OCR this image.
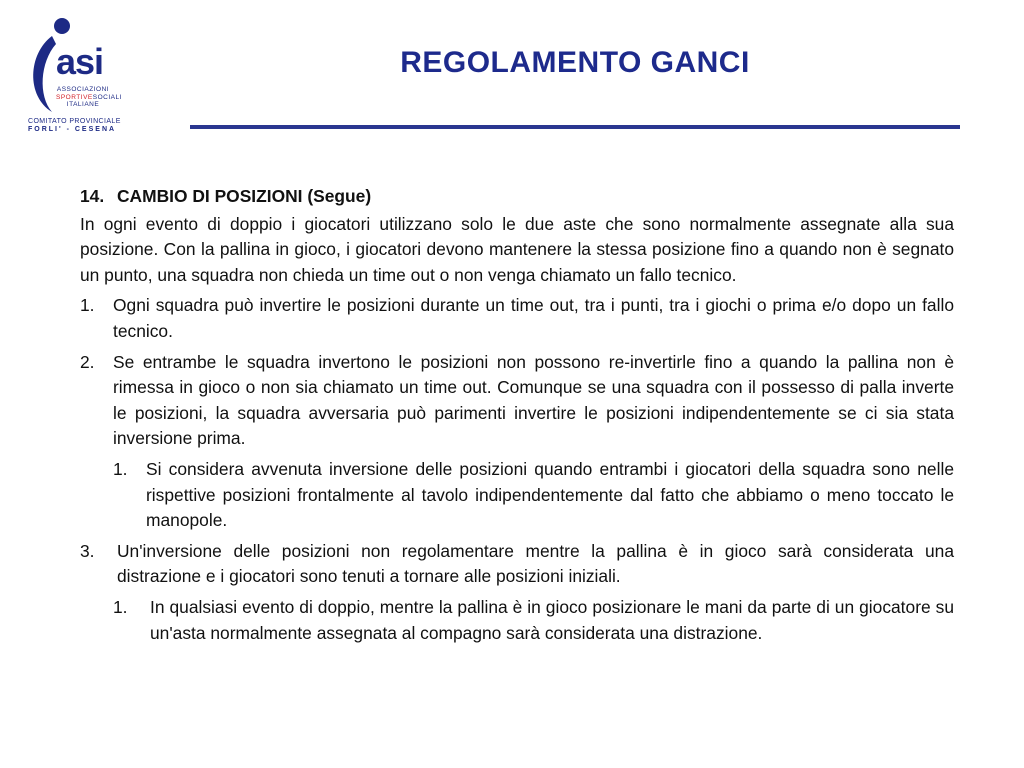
asi
ASSOCIAZIONI
SPORTIVESOCIALI
ITALIANE
COMITATO PROVINCIALE
FORLI' - CESENA
REGOLAMENTO GANCI
14. CAMBIO DI POSIZIONI (Segue)
In ogni evento di doppio i giocatori utilizzano solo le due aste che sono normalmente assegnate alla sua posizione. Con la pallina in gioco, i giocatori devono mantenere la stessa posizione fino a quando non è segnato un punto, una squadra non chieda un time out o non venga chiamato un fallo tecnico.
1.	Ogni squadra può invertire le posizioni durante un time out, tra i punti, tra i giochi o prima e/o dopo un fallo tecnico.
2.	Se entrambe le squadra invertono le posizioni non possono re-invertirle fino a quando la pallina non è rimessa in gioco o non sia chiamato un time out. Comunque se una squadra con il possesso di palla inverte le posizioni, la squadra avversaria può parimenti invertire le posizioni indipendentemente se ci sia stata inversione prima.
1.	Si considera avvenuta inversione delle posizioni quando entrambi i giocatori della squadra sono nelle rispettive posizioni frontalmente al tavolo indipendentemente dal fatto che abbiamo o meno toccato le manopole.
3.	Un'inversione delle posizioni non regolamentare mentre la pallina è in gioco sarà considerata una distrazione e i giocatori sono tenuti a tornare alle posizioni iniziali.
1.	In qualsiasi evento di doppio, mentre la pallina è in gioco posizionare le mani da parte di un giocatore su un'asta normalmente assegnata al compagno sarà considerata una distrazione.
